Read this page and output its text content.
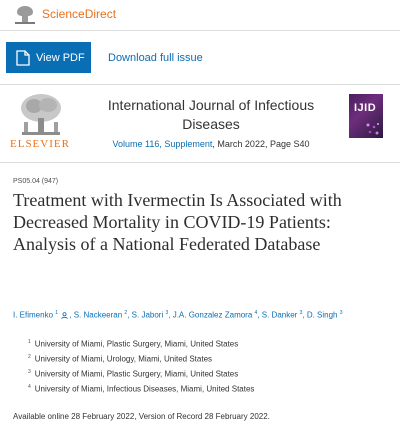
ScienceDirect
View PDF Download full issue
ELSEVIER
International Journal of Infectious Diseases
Volume 116, Supplement, March 2022, Page S40
IJID
PS05.04 (947)
Treatment with Ivermectin Is Associated with Decreased Mortality in COVID-19 Patients: Analysis of a National Federated Database
I. Efimenko $^1$ , S. Nackeeran $^2$, S. Jabori $^3$, J.A. Gonzalez Zamora $^4$, S. Danker $^3$, D. Singh $^3$
$^1$ University of Miami, Plastic Surgery, Miami, United States
$^2$ University of Miami, Urology, Miami, United States
$^3$ University of Miami, Plastic Surgery, Miami, United States
$^4$ University of Miami, Infectious Diseases, Miami, United States
Available online 28 February 2022, Version of Record 28 February 2022.
